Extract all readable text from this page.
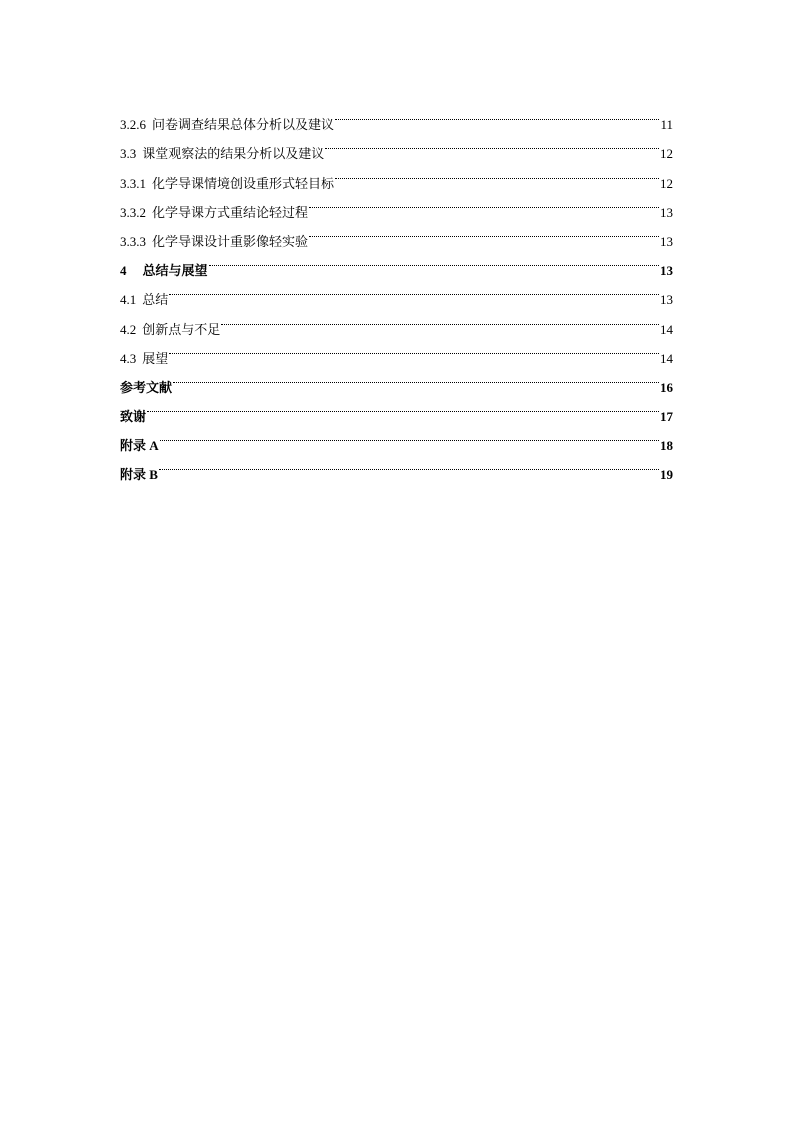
3.2.6 问卷调查结果总体分析以及建议	11
3.3 课堂观察法的结果分析以及建议	12
3.3.1 化学导课情境创设重形式轻目标	12
3.3.2 化学导课方式重结论轻过程	13
3.3.3 化学导课设计重影像轻实验	13
4 总结与展望	13
4.1 总结	13
4.2 创新点与不足	14
4.3 展望	14
参考文献	16
致谢	17
附录 A	18
附录 B	19
